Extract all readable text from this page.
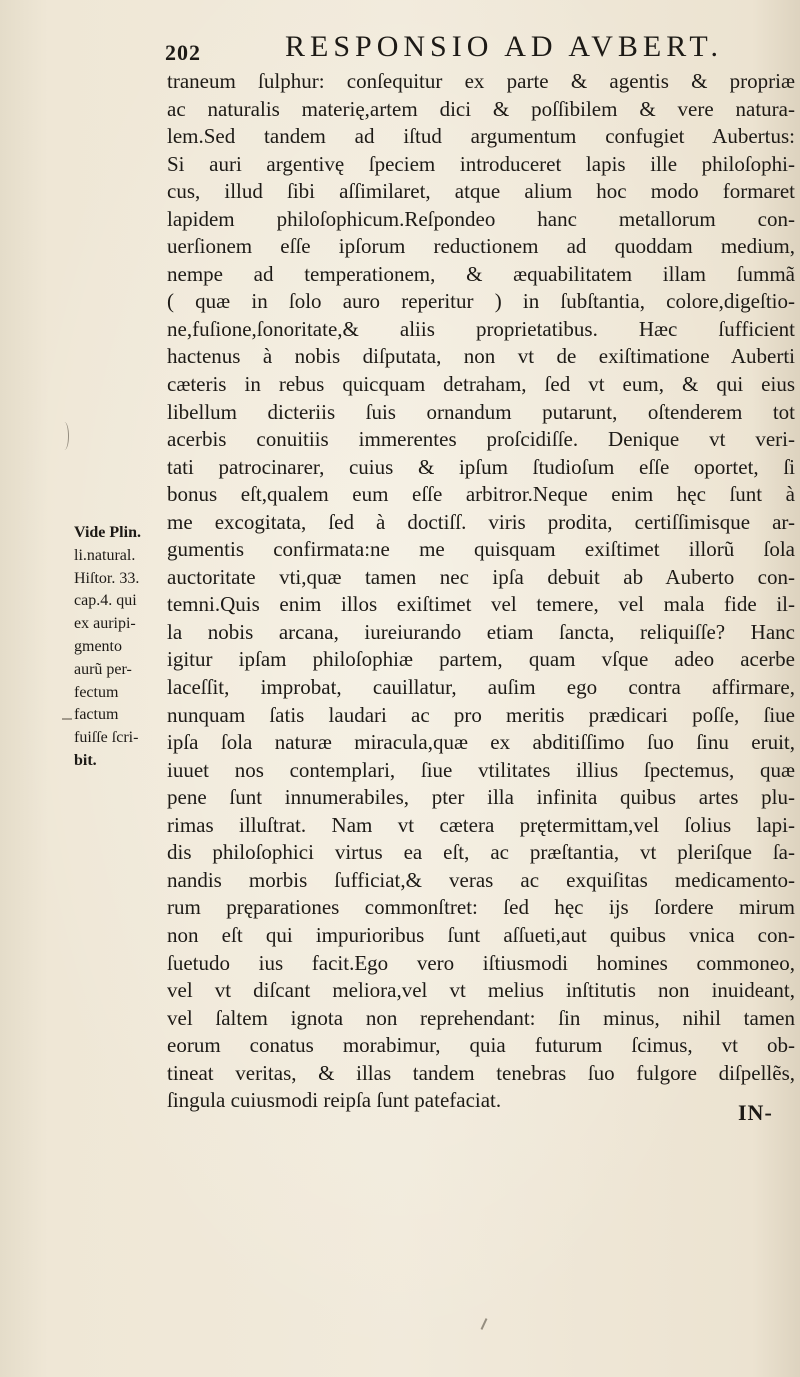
202	RESPONSIO AD AVBERT.
traneum ſulphur: conſequitur ex parte & agentis & propriæ
ac naturalis materię,artem dici & poſſibilem & vere natura-
lem.Sed tandem ad iſtud argumentum confugiet Aubertus:
Si auri argentivę ſpeciem introduceret lapis ille philoſophi-
cus, illud ſibi aſſimilaret, atque alium hoc modo formaret
lapidem philoſophicum.Reſpondeo hanc metallorum con-
uerſionem eſſe ipſorum reductionem ad quoddam medium,
nempe ad temperationem, & æquabilitatem illam ſummã
( quæ in ſolo auro reperitur ) in ſubſtantia, colore,digeſtio-
ne,fuſione,ſonoritate,& aliis proprietatibus. Hæc ſufficient
hactenus à nobis diſputata, non vt de exiſtimatione Auberti
cæteris in rebus quicquam detraham, ſed vt eum, & qui eius
libellum dicteriis ſuis ornandum putarunt, oſtenderem tot
acerbis conuitiis immerentes proſcidiſſe. Denique vt veri-
tati patrocinarer, cuius & ipſum ſtudioſum eſſe oportet, ſi
bonus eſt,qualem eum eſſe arbitror.Neque enim hęc ſunt à
me excogitata, ſed à doctiſſ. viris prodita, certiſſimisque ar-
gumentis confirmata:ne me quisquam exiſtimet illorũ ſola
auctoritate vti,quæ tamen nec ipſa debuit ab Auberto con-
temni.Quis enim illos exiſtimet vel temere, vel mala fide il-
la nobis arcana, iureiurando etiam ſancta, reliquiſſe? Hanc
igitur ipſam philoſophiæ partem, quam vſque adeo acerbe
laceſſit, improbat, cauillatur, auſim ego contra affirmare,
nunquam ſatis laudari ac pro meritis prædicari poſſe, ſiue
ipſa ſola naturæ miracula,quæ ex abditiſſimo ſuo ſinu eruit,
iuuet nos contemplari, ſiue vtilitates illius ſpectemus, quæ
pene ſunt innumerabiles, pter illa infinita quibus artes plu-
rimas illuſtrat. Nam vt cætera prętermittam,vel ſolius lapi-
dis philoſophici virtus ea eſt, ac præſtantia, vt pleriſque ſa-
nandis morbis ſufficiat,& veras ac exquiſitas medicamento-
rum pręparationes commonſtret: ſed hęc ijs ſordere mirum
non eſt qui impurioribus ſunt aſſueti,aut quibus vnica con-
ſuetudo ius facit.Ego vero iſtiusmodi homines commoneo,
vel vt diſcant meliora,vel vt melius inſtitutis non inuideant,
vel ſaltem ignota non reprehendant: ſin minus, nihil tamen
eorum conatus morabimur, quia futurum ſcimus, vt ob-
tineat veritas, & illas tandem tenebras ſuo fulgore diſpellẽs,
ſingula cuiusmodi reipſa ſunt patefaciat.
Vide Plin.
li.natural.
Hiſtor. 33.
cap.4. qui
ex auripi-
gmento
aurũ per-
fectum
factum
fuiſſe ſcri-
bit.
IN-
